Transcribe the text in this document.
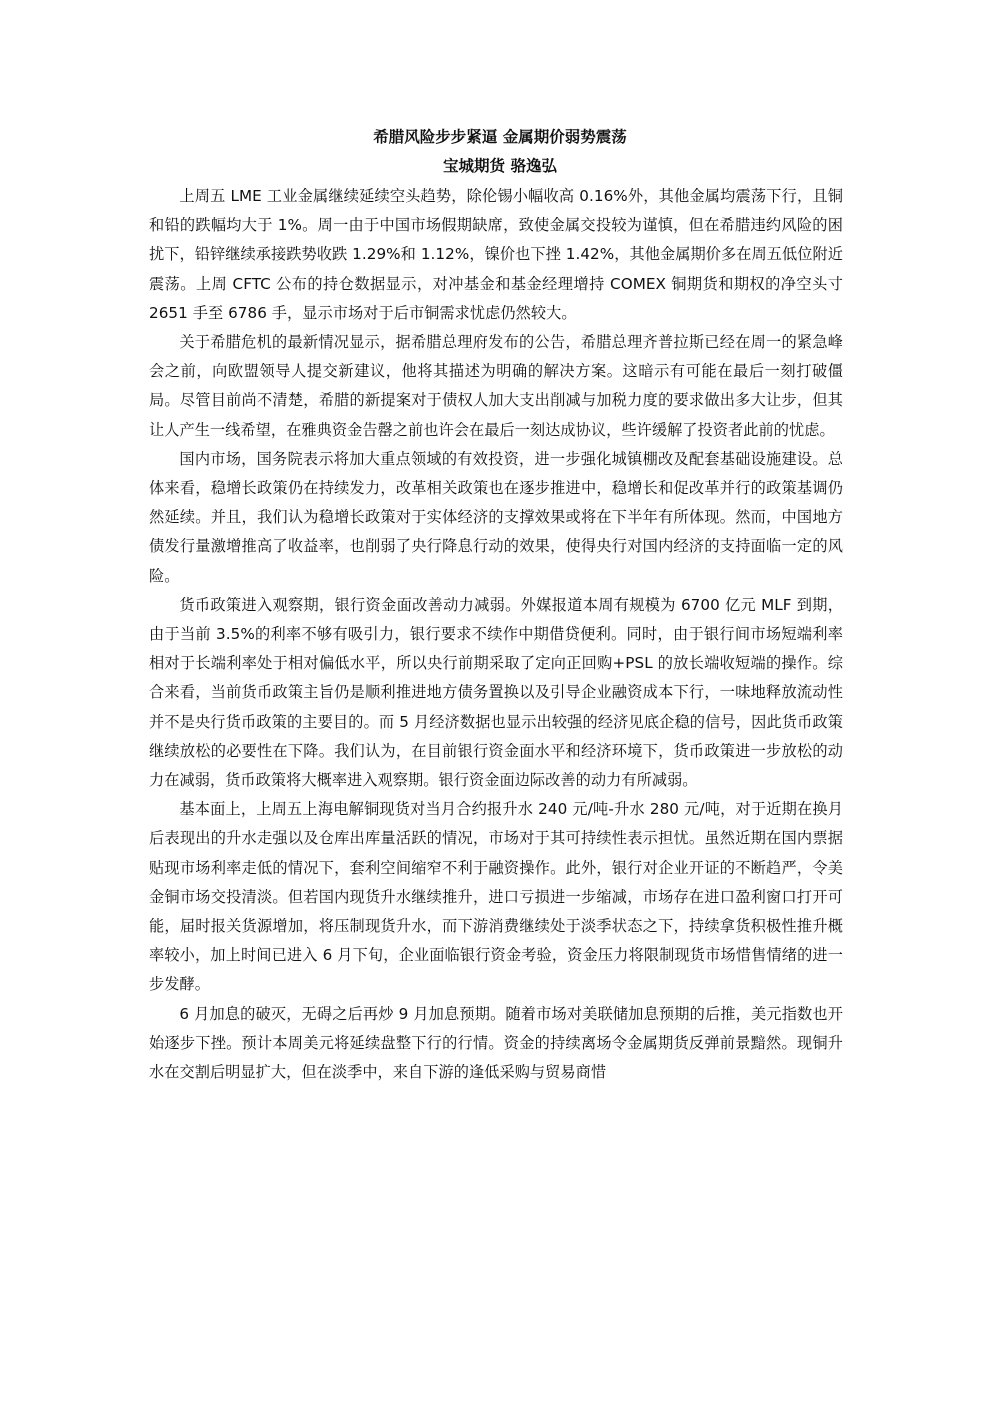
希腊风险步步紧逼 金属期价弱势震荡
宝城期货 骆逸弘

上周五 LME 工业金属继续延续空头趋势，除伦锡小幅收高 0.16%外，其他金属均震荡下行，且铜和铅的跌幅均大于 1%。周一由于中国市场假期缺席，致使金属交投较为谨慎，但在希腊违约风险的困扰下，铅锌继续承接跌势收跌 1.29%和 1.12%，镍价也下挫 1.42%，其他金属期价多在周五低位附近震荡。上周 CFTC 公布的持仓数据显示，对冲基金和基金经理增持 COMEX 铜期货和期权的净空头寸 2651 手至 6786 手，显示市场对于后市铜需求忧虑仍然较大。

关于希腊危机的最新情况显示，据希腊总理府发布的公告，希腊总理齐普拉斯已经在周一的紧急峰会之前，向欧盟领导人提交新建议，他将其描述为明确的解决方案。这暗示有可能在最后一刻打破僵局。尽管目前尚不清楚，希腊的新提案对于债权人加大支出削减与加税力度的要求做出多大让步，但其让人产生一线希望，在雅典资金告罄之前也许会在最后一刻达成协议，些许缓解了投资者此前的忧虑。

国内市场，国务院表示将加大重点领域的有效投资，进一步强化城镇棚改及配套基础设施建设。总体来看，稳增长政策仍在持续发力，改革相关政策也在逐步推进中，稳增长和促改革并行的政策基调仍然延续。并且，我们认为稳增长政策对于实体经济的支撑效果或将在下半年有所体现。然而，中国地方债发行量激增推高了收益率，也削弱了央行降息行动的效果，使得央行对国内经济的支持面临一定的风险。

货币政策进入观察期，银行资金面改善动力减弱。外媒报道本周有规模为 6700 亿元 MLF 到期，由于当前 3.5%的利率不够有吸引力，银行要求不续作中期借贷便利。同时，由于银行间市场短端利率相对于长端利率处于相对偏低水平，所以央行前期采取了定向正回购+PSL 的放长端收短端的操作。综合来看，当前货币政策主旨仍是顺利推进地方债务置换以及引导企业融资成本下行，一味地释放流动性并不是央行货币政策的主要目的。而 5 月经济数据也显示出较强的经济见底企稳的信号，因此货币政策继续放松的必要性在下降。我们认为，在目前银行资金面水平和经济环境下，货币政策进一步放松的动力在减弱，货币政策将大概率进入观察期。银行资金面边际改善的动力有所减弱。

基本面上，上周五上海电解铜现货对当月合约报升水 240 元/吨-升水 280 元/吨，对于近期在换月后表现出的升水走强以及仓库出库量活跃的情况，市场对于其可持续性表示担忧。虽然近期在国内票据贴现市场利率走低的情况下，套利空间缩窄不利于融资操作。此外，银行对企业开证的不断趋严，令美金铜市场交投清淡。但若国内现货升水继续推升，进口亏损进一步缩减，市场存在进口盈利窗口打开可能，届时报关货源增加，将压制现货升水，而下游消费继续处于淡季状态之下，持续拿货积极性推升概率较小，加上时间已进入 6 月下旬，企业面临银行资金考验，资金压力将限制现货市场惜售情绪的进一步发酵。

6 月加息的破灭，无碍之后再炒 9 月加息预期。随着市场对美联储加息预期的后推，美元指数也开始逐步下挫。预计本周美元将延续盘整下行的行情。资金的持续离场令金属期货反弹前景黯然。现铜升水在交割后明显扩大，但在淡季中，来自下游的逢低采购与贸易商惜
